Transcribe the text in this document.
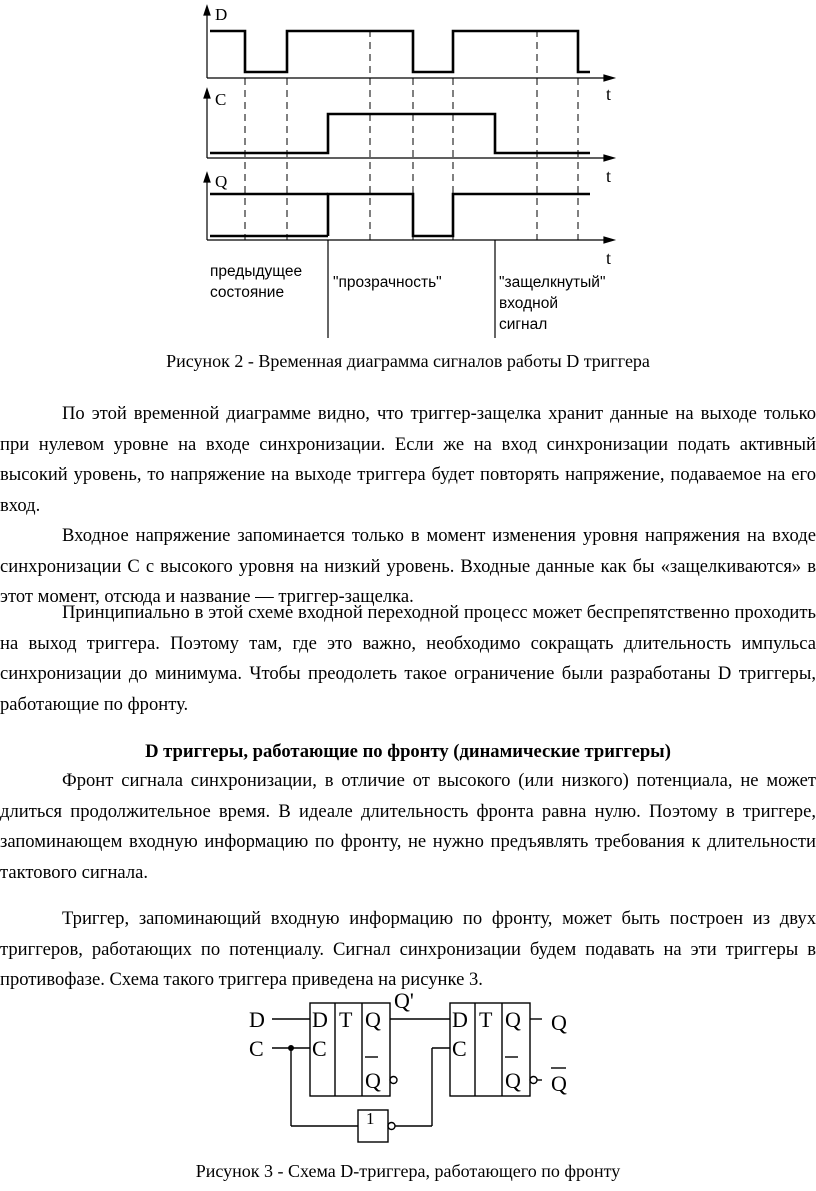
D
C
Q
t
t
t
предыдущее
состояние
"прозрачность"	"защелкнутый"
входной
сигнал
Рисунок 2 - Временная диаграмма сигналов работы D триггера

По этой временной диаграмме видно, что триггер-защелка хранит данные на выходе только при нулевом уровне на входе синхронизации. Если же на вход синхронизации подать активный высокий уровень, то напряжение на выходе триггера будет повторять напряжение, подаваемое на его вход.

Входное напряжение запоминается только в момент изменения уровня напряжения на входе синхронизации C с высокого уровня на низкий уровень. Входные данные как бы «защелкиваются» в этот момент, отсюда и название — триггер-защелка.

Принципиально в этой схеме входной переходной процесс может беспрепятственно проходить на выход триггера. Поэтому там, где это важно, необходимо сокращать длительность импульса синхронизации до минимума. Чтобы преодолеть такое ограничение были разработаны D триггеры, работающие по фронту.

D триггеры, работающие по фронту (динамические триггеры)

Фронт сигнала синхронизации, в отличие от высокого (или низкого) потенциала, не может длиться продолжительное время. В идеале длительность фронта равна нулю. Поэтому в триггере, запоминающем входную информацию по фронту, не нужно предъявлять требования к длительности тактового сигнала.

Триггер, запоминающий входную информацию по фронту, может быть построен из двух триггеров, работающих по потенциалу. Сигнал синхронизации будем подавать на эти триггеры в противофазе. Схема такого триггера приведена на рисунке 3.

D
C
Q'
D
C
T Q
Q
D
C
T Q
Q
Q
Q
1
Рисунок 3 - Схема D-триггера, работающего по фронту
